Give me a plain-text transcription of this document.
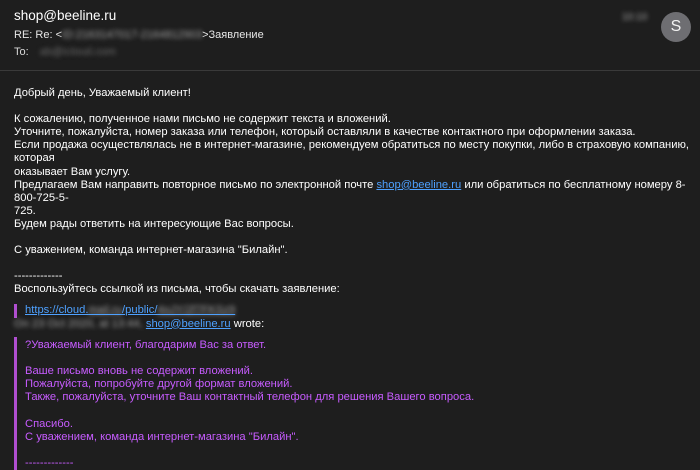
shop@beeline.ru
RE: Re: <ID:2163147017-2164812903>Заявление
To: ab@icloud.com
10:10
S

Добрый день, Уважаемый клиент!

К сожалению, полученное нами письмо не содержит текста и вложений.

Уточните, пожалуйста, номер заказа или телефон, который оставляли в качестве контактного при оформлении заказа.

Если продажа осуществлялась не в интернет-магазине, рекомендуем обратиться по месту покупки, либо в страховую компанию, которая

оказывает Вам услугу.

Предлагаем Вам направить повторное письмо по электронной почте shop@beeline.ru или обратиться по бесплатному номеру 8-800-725-5-

725.

Будем рады ответить на интересующие Вас вопросы.

С уважением, команда интернет-магазина "Билайн".

-------------

Воспользуйтесь ссылкой из письма, чтобы скачать заявление:

https://cloud.mail.ru/public/4oJY/2f7FKSz9

On 23 Oct 2020, at 13:44, shop@beeline.ru wrote:

?Уважаемый клиент, благодарим Вас за ответ.

Ваше письмо вновь не содержит вложений.

Пожалуйста, попробуйте другой формат вложений.

Также, пожалуйста, уточните Ваш контактный телефон для решения Вашего вопроса.

Спасибо.

С уважением, команда интернет-магазина "Билайн".

-------------
